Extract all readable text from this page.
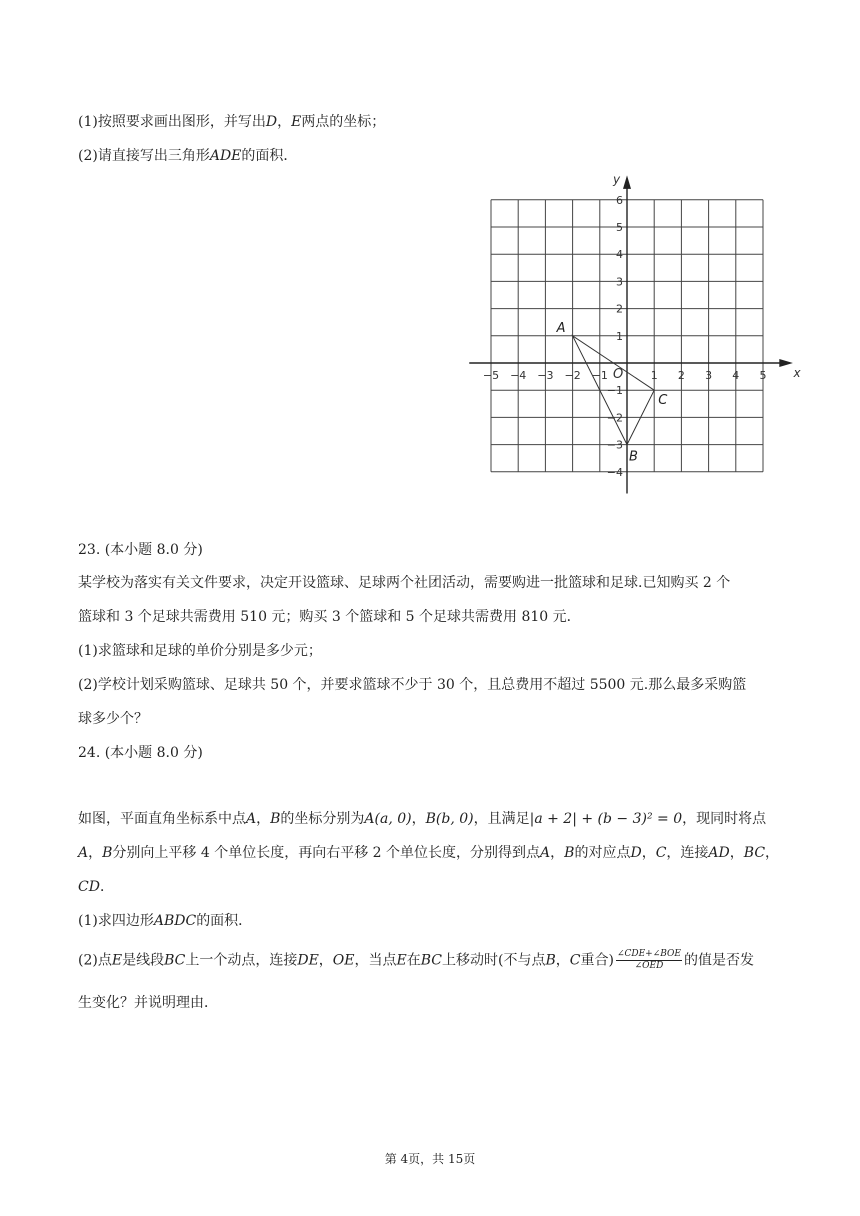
(1)按照要求画出图形，并写出D，E两点的坐标；
(2)请直接写出三角形ADE的面积．
−5 −4 −3 −2 −1	1 2 3 4 5
6
5
4
3
2
1
−1
−2
−3
−4
x
y
O
A
B
C
23. (本小题 8.0 分)
某学校为落实有关文件要求，决定开设篮球、足球两个社团活动，需要购进一批篮球和足球.已知购买 2 个
篮球和 3 个足球共需费用 510 元；购买 3 个篮球和 5 个足球共需费用 810 元．
(1)求篮球和足球的单价分别是多少元；
(2)学校计划采购篮球、足球共 50 个，并要求篮球不少于 30 个，且总费用不超过 5500 元.那么最多采购篮
球多少个？
24. (本小题 8.0 分)
如图，平面直角坐标系中点A，B的坐标分别为A(a, 0)，B(b, 0)，且满足|a + 2| + (b − 3)² = 0，现同时将点
A，B分别向上平移 4 个单位长度，再向右平移 2 个单位长度，分别得到点A，B的对应点D，C，连接AD，BC，
CD．
(1)求四边形ABDC的面积．
(2)点E是线段BC上一个动点，连接DE，OE，当点E在BC上移动时(不与点B，C重合) $\frac{\text{∠CDE+∠BOE}}{\text{∠OED}}$ 的值是否发
生变化？并说明理由．
第 4页，共 15页
